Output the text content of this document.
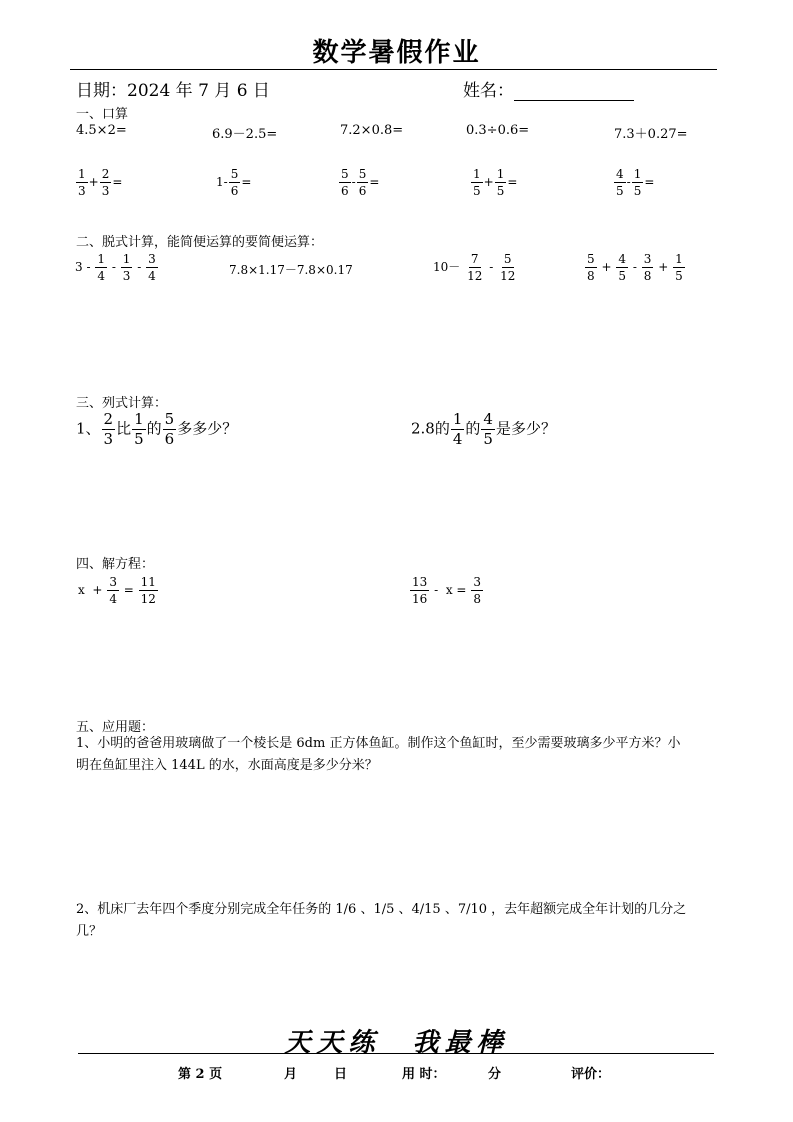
数学暑假作业
日期：2024 年 7 月 6 日	姓名：
一、口算
4.5×2=	6.9－2.5=	7.2×0.8=	0.3÷0.6=	7.3＋0.27=
$\frac{1}{3} + \frac{2}{3}$ =	$1- \frac{5}{6}$ =	$\frac{5}{6} - \frac{5}{6}$ =	$\frac{1}{5} + \frac{1}{5}$ =	$\frac{4}{5} - \frac{1}{5}$ =
二、脱式计算，能简便运算的要简便运算：
$3 - \frac{1}{4} - \frac{1}{3} - \frac{3}{4}$	7.8×1.17－7.8×0.17	$10- \frac{7}{12} - \frac{5}{12}$	$\frac{5}{8} + \frac{4}{5} - \frac{3}{8} + \frac{1}{5}$
三、列式计算：
1、 $\frac{2}{3}$ 比 $\frac{1}{5}$ 的 $\frac{5}{6}$ 多多少？	2.8的 $\frac{1}{4}$ 的 $\frac{4}{5}$ 是多少？
四、解方程：
$x + \frac{3}{4} = \frac{11}{12}$	$\frac{13}{16} - x = \frac{3}{8}$
五、应用题：
1、小明的爸爸用玻璃做了一个棱长是 6dm 正方体鱼缸。制作这个鱼缸时，至少需要玻璃多少平方米？小
明在鱼缸里注入 144L 的水，水面高度是多少分米？
2、机床厂去年四个季度分别完成全年任务的 1/6 、1/5 、4/15 、7/10 ，去年超额完成全年计划的几分之
几？
天天练　我最棒
第 2 页	月	日	用 时：	分	评价：
